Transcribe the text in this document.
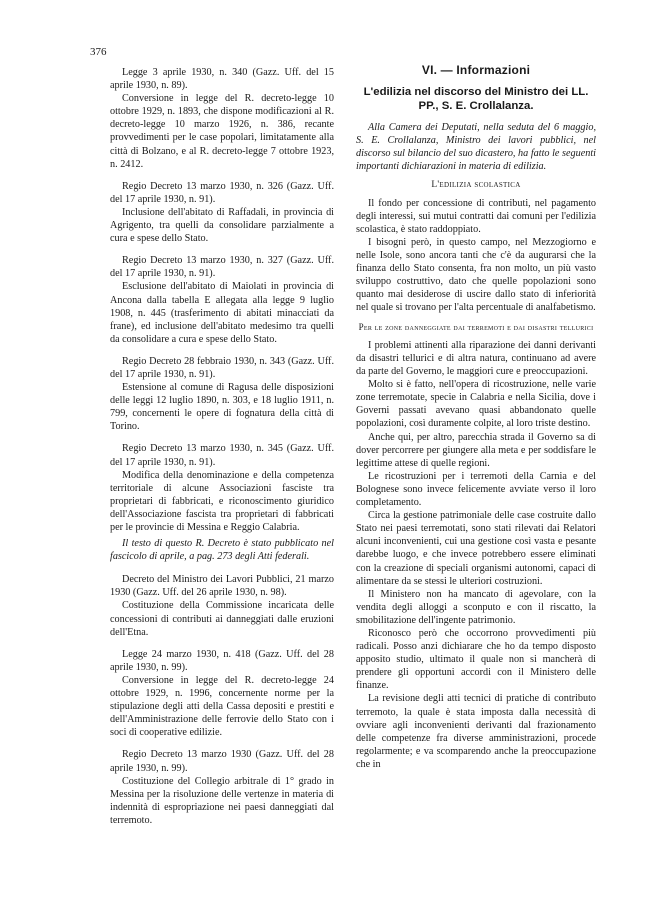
376

Legge 3 aprile 1930, n. 340 (Gazz. Uff. del 15 aprile 1930, n. 89).

Conversione in legge del R. decreto-legge 10 ottobre 1929, n. 1893, che dispone modificazioni al R. decreto-legge 10 marzo 1926, n. 386, recante provvedimenti per le case popolari, limitatamente alla città di Bolzano, e al R. decreto-legge 7 ottobre 1923, n. 2412.

Regio Decreto 13 marzo 1930, n. 326 (Gazz. Uff. del 17 aprile 1930, n. 91).

Inclusione dell'abitato di Raffadali, in provincia di Agrigento, tra quelli da consolidare parzialmente a cura e spese dello Stato.

Regio Decreto 13 marzo 1930, n. 327 (Gazz. Uff. del 17 aprile 1930, n. 91).

Esclusione dell'abitato di Maiolati in provincia di Ancona dalla tabella E allegata alla legge 9 luglio 1908, n. 445 (trasferimento di abitati minacciati da frane), ed inclusione dell'abitato medesimo tra quelli da consolidare a cura e spese dello Stato.

Regio Decreto 28 febbraio 1930, n. 343 (Gazz. Uff. del 17 aprile 1930, n. 91).

Estensione al comune di Ragusa delle disposizioni delle leggi 12 luglio 1890, n. 303, e 18 luglio 1911, n. 799, concernenti le opere di fognatura della città di Torino.

Regio Decreto 13 marzo 1930, n. 345 (Gazz. Uff. del 17 aprile 1930, n. 91).

Modifica della denominazione e della competenza territoriale di alcune Associazioni fasciste tra proprietari di fabbricati, e riconoscimento giuridico dell'Associazione fascista tra proprietari di fabbricati per le provincie di Messina e Reggio Calabria.

Il testo di questo R. Decreto è stato pubblicato nel fascicolo di aprile, a pag. 273 degli Atti federali.

Decreto del Ministro dei Lavori Pubblici, 21 marzo 1930 (Gazz. Uff. del 26 aprile 1930, n. 98).

Costituzione della Commissione incaricata delle concessioni di contributi ai danneggiati dalle eruzioni dell'Etna.

Legge 24 marzo 1930, n. 418 (Gazz. Uff. del 28 aprile 1930, n. 99).

Conversione in legge del R. decreto-legge 24 ottobre 1929, n. 1996, concernente norme per la stipulazione degli atti della Cassa depositi e prestiti e dell'Amministrazione delle ferrovie dello Stato con i soci di cooperative edilizie.

Regio Decreto 13 marzo 1930 (Gazz. Uff. del 28 aprile 1930, n. 99).

Costituzione del Collegio arbitrale di 1° grado in Messina per la risoluzione delle vertenze in materia di indennità di espropriazione nei paesi danneggiati dal terremoto.

VI. — Informazioni
L'edilizia nel discorso del Ministro dei LL. PP., S. E. Crollalanza.

Alla Camera dei Deputati, nella seduta del 6 maggio, S. E. Crollalanza, Ministro dei lavori pubblici, nel discorso sul bilancio del suo dicastero, ha fatto le seguenti importanti dichiarazioni in materia di edilizia.

L'edilizia scolastica

Il fondo per concessione di contributi, nel pagamento degli interessi, sui mutui contratti dai comuni per l'edilizia scolastica, è stato raddoppiato.

I bisogni però, in questo campo, nel Mezzogiorno e nelle Isole, sono ancora tanti che c'è da augurarsi che la finanza dello Stato consenta, fra non molto, un più vasto sviluppo costruttivo, dato che quelle popolazioni sono quanto mai desiderose di uscire dallo stato di inferiorità nel quale si trovano per l'alta percentuale di analfabetismo.

Per le zone danneggiate dai terremoti e dai disastri tellurici

I problemi attinenti alla riparazione dei danni derivanti da disastri tellurici e di altra natura, continuano ad avere da parte del Governo, le maggiori cure e preoccupazioni.

Molto si è fatto, nell'opera di ricostruzione, nelle varie zone terremotate, specie in Calabria e nella Sicilia, dove i Governi passati avevano quasi abbandonato quelle popolazioni, così duramente colpite, al loro triste destino.

Anche qui, per altro, parecchia strada il Governo sa di dover percorrere per giungere alla meta e per soddisfare le legittime attese di quelle regioni.

Le ricostruzioni per i terremoti della Carnia e del Bolognese sono invece felicemente avviate verso il loro completamento.

Circa la gestione patrimoniale delle case costruite dallo Stato nei paesi terremotati, sono stati rilevati dai Relatori alcuni inconvenienti, cui una gestione così vasta e pesante darebbe luogo, e che invece potrebbero essere eliminati con la creazione di speciali organismi autonomi, capaci di alimentare da se stessi le ulteriori costruzioni.

Il Ministero non ha mancato di agevolare, con la vendita degli alloggi a sconputo e con il riscatto, la smobilitazione dell'ingente patrimonio.

Riconosco però che occorrono provvedimenti più radicali. Posso anzi dichiarare che ho da tempo disposto apposito studio, ultimato il quale non si mancherà di prendere gli opportuni accordi con il Ministero delle finanze.

La revisione degli atti tecnici di pratiche di contributo terremoto, la quale è stata imposta dalla necessità di ovviare agli inconvenienti derivanti dal frazionamento delle competenze fra diverse amministrazioni, procede regolarmente; e va scomparendo anche la preoccupazione che in
